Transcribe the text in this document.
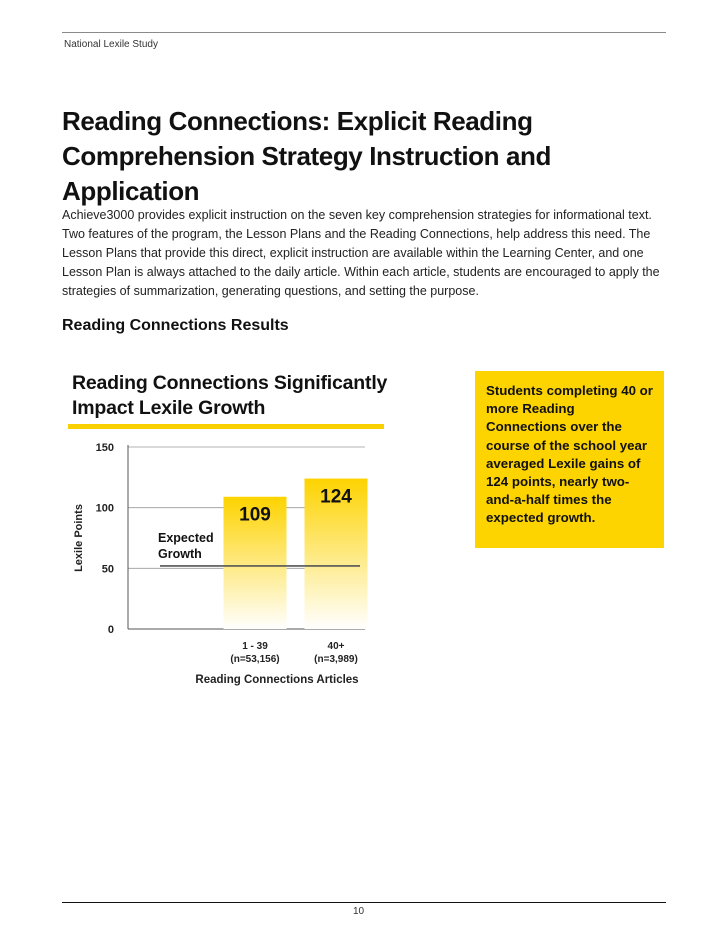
National Lexile Study
Reading Connections: Explicit Reading Comprehension Strategy Instruction and Application

Achieve3000 provides explicit instruction on the seven key comprehension strategies for informational text. Two features of the program, the Lesson Plans and the Reading Connections, help address this need. The Lesson Plans that provide this direct, explicit instruction are available within the Learning Center, and one Lesson Plan is always attached to the daily article. Within each article, students are encouraged to apply the strategies of summarization, generating questions, and setting the purpose.

Reading Connections Results
Reading Connections Significantly Impact Lexile Growth
Students completing 40 or more Reading Connections over the course of the school year averaged Lexile gains of 124 points, nearly two-and-a-half times the expected growth.
0
50
100
150
Lexile Points	109
1 - 39
(n=53,156)
124
40+
(n=3,989)
Expected
Growth
Reading Connections Articles
10
